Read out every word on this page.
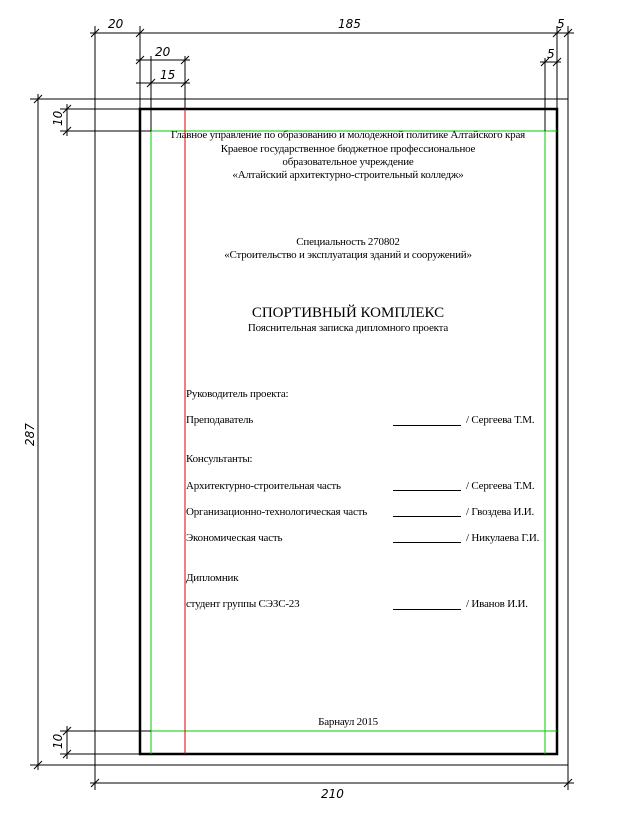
20	185	5
20
15
5
210
10
287
10
Главное управление по образованию и молодежной политике Алтайского края
Краевое государственное бюджетное профессиональное
образовательное учреждение
«Алтайский архитектурно-строительный колледж»
Специальность 270802
«Строительство и эксплуатация зданий и сооружений»
СПОРТИВНЫЙ КОМПЛЕКС
Пояснительная записка дипломного проекта
Руководитель проекта:
Преподаватель	/ Сергеева Т.М.
Консультанты:
Архитектурно-строительная часть	/ Сергеева Т.М.
Организационно-технологическая часть	/ Гвоздева И.И.
Экономическая часть	/ Никулаева Г.И.
Дипломник
студент группы СЭЗС-23	/ Иванов И.И.
Барнаул 2015
